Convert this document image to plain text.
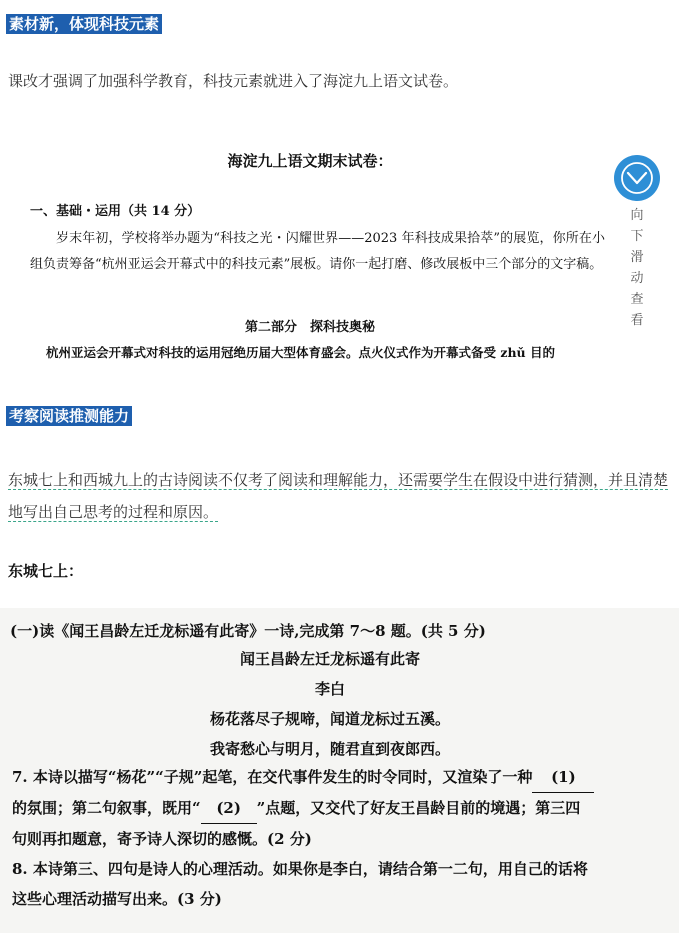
素材新，体现科技元素
课改才强调了加强科学教育，科技元素就进入了海淀九上语文试卷。
海淀九上语文期末试卷：
一、基础・运用（共 14 分）
岁末年初，学校将举办题为“科技之光・闪耀世界——2023 年科技成果拾萃”的展览，你所在小组负责筹备“杭州亚运会开幕式中的科技元素”展板。请你一起打磨、修改展板中三个部分的文字稿。
第二部分　探科技奥秘
杭州亚运会开幕式对科技的运用冠绝历届大型体育盛会。点火仪式作为开幕式备受 zhǔ 目的
向
下
滑
动
查
看
考察阅读推测能力
东城七上和西城九上的古诗阅读不仅考了阅读和理解能力，还需要学生在假设中进行猜测，并且清楚地写出自己思考的过程和原因。
东城七上：
(一)读《闻王昌龄左迁龙标遥有此寄》一诗,完成第 7～8 题。(共 5 分)
闻王昌龄左迁龙标遥有此寄
李白
杨花落尽子规啼，闻道龙标过五溪。
我寄愁心与明月，随君直到夜郎西。
7. 本诗以描写“杨花”“子规”起笔，在交代事件发生的时令同时，又渲染了一种 (1)
的氛围；第二句叙事，既用“ (2) ”点题，又交代了好友王昌龄目前的境遇；第三四
句则再扣题意，寄予诗人深切的感慨。(2 分)
8. 本诗第三、四句是诗人的心理活动。如果你是李白，请结合第一二句，用自己的话将
这些心理活动描写出来。(3 分)
